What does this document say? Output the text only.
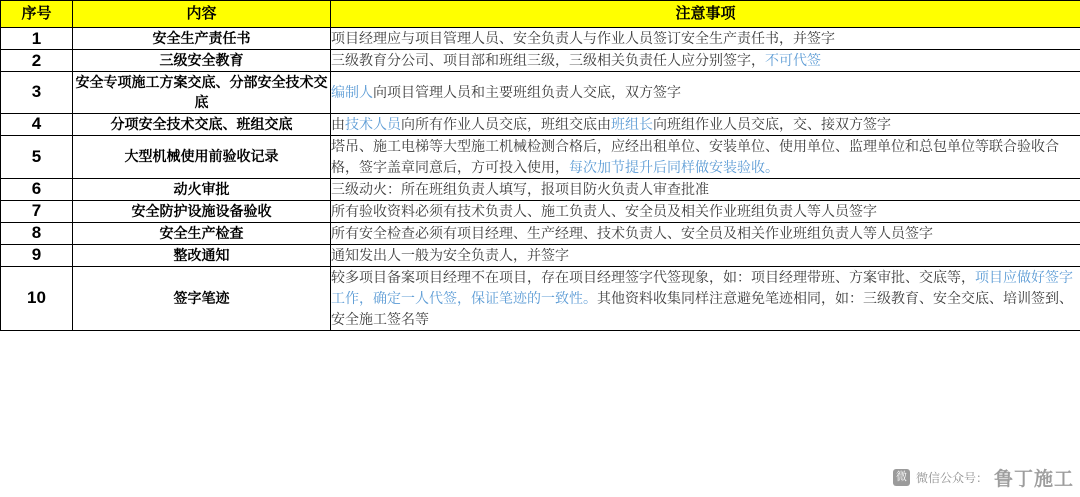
序号	内容	注意事项
1	安全生产责任书	项目经理应与项目管理人员、安全负责人与作业人员签订安全生产责任书，并签字
2	三级安全教育	三级教育分公司、项目部和班组三级，三级相关负责任人应分别签字，不可代签
3	安全专项施工方案交底、分部安全技术交底	编制人向项目管理人员和主要班组负责人交底，双方签字
4	分项安全技术交底、班组交底	由技术人员向所有作业人员交底，班组交底由班组长向班组作业人员交底，交、接双方签字
5	大型机械使用前验收记录	塔吊、施工电梯等大型施工机械检测合格后，应经出租单位、安装单位、使用单位、监理单位和总包单位等联合验收合格，签字盖章同意后，方可投入使用，每次加节提升后同样做安装验收。
6	动火审批	三级动火：所在班组负责人填写，报项目防火负责人审查批准
7	安全防护设施设备验收	所有验收资料必须有技术负责人、施工负责人、安全员及相关作业班组负责人等人员签字
8	安全生产检查	所有安全检查必须有项目经理、生产经理、技术负责人、安全员及相关作业班组负责人等人员签字
9	整改通知	通知发出人一般为安全负责人，并签字
10	签字笔迹	较多项目备案项目经理不在项目，存在项目经理签字代签现象，如：项目经理带班、方案审批、交底等，项目应做好签字工作，确定一人代签，保证笔迹的一致性。其他资料收集同样注意避免笔迹相同，如：三级教育、安全交底、培训签到、安全施工签名等
微 微信公众号： 鲁丁施工
